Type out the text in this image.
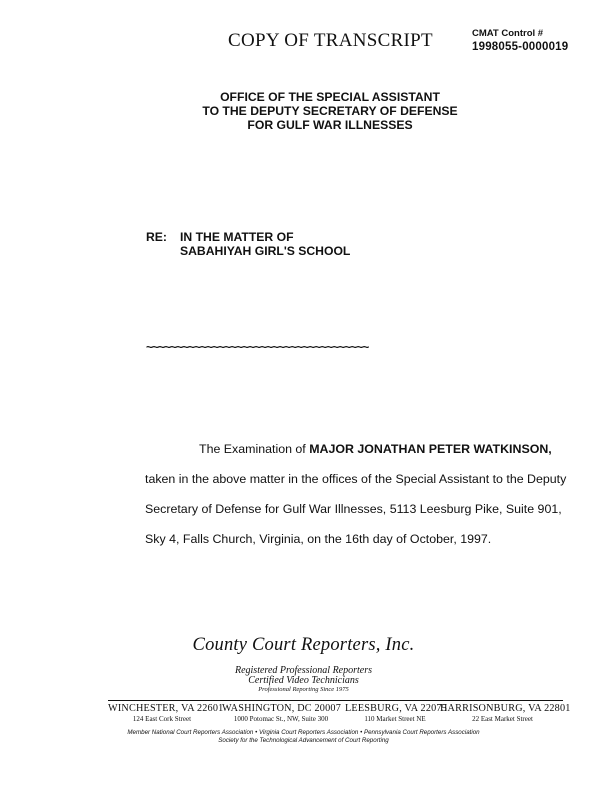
COPY OF TRANSCRIPT	CMAT Control #
1998055-0000019
OFFICE OF THE SPECIAL ASSISTANT
TO THE DEPUTY SECRETARY OF DEFENSE
FOR GULF WAR ILLNESSES
RE: IN THE MATTER OF
SABAHIYAH GIRL'S SCHOOL
~~~~~~~~~~~~~~~~~~~~~~~~~~~~~~~~~~~~~
The Examination of MAJOR JONATHAN PETER WATKINSON,
taken in the above matter in the offices of the Special Assistant to the Deputy
Secretary of Defense for Gulf War Illnesses, 5113 Leesburg Pike, Suite 901,
Sky 4, Falls Church, Virginia, on the 16th day of October, 1997.
County Court Reporters, Inc.
Registered Professional Reporters
Certified Video Technicians
Professional Reporting Since 1975
WINCHESTER, VA 22601
124 East Cork Street
WASHINGTON, DC 20007
1000 Potomac St., NW, Suite 300
LEESBURG, VA 22075
110 Market Street NE
HARRISONBURG, VA 22801
22 East Market Street
Member National Court Reporters Association • Virginia Court Reporters Association • Pennsylvania Court Reporters Association
Society for the Technological Advancement of Court Reporting
